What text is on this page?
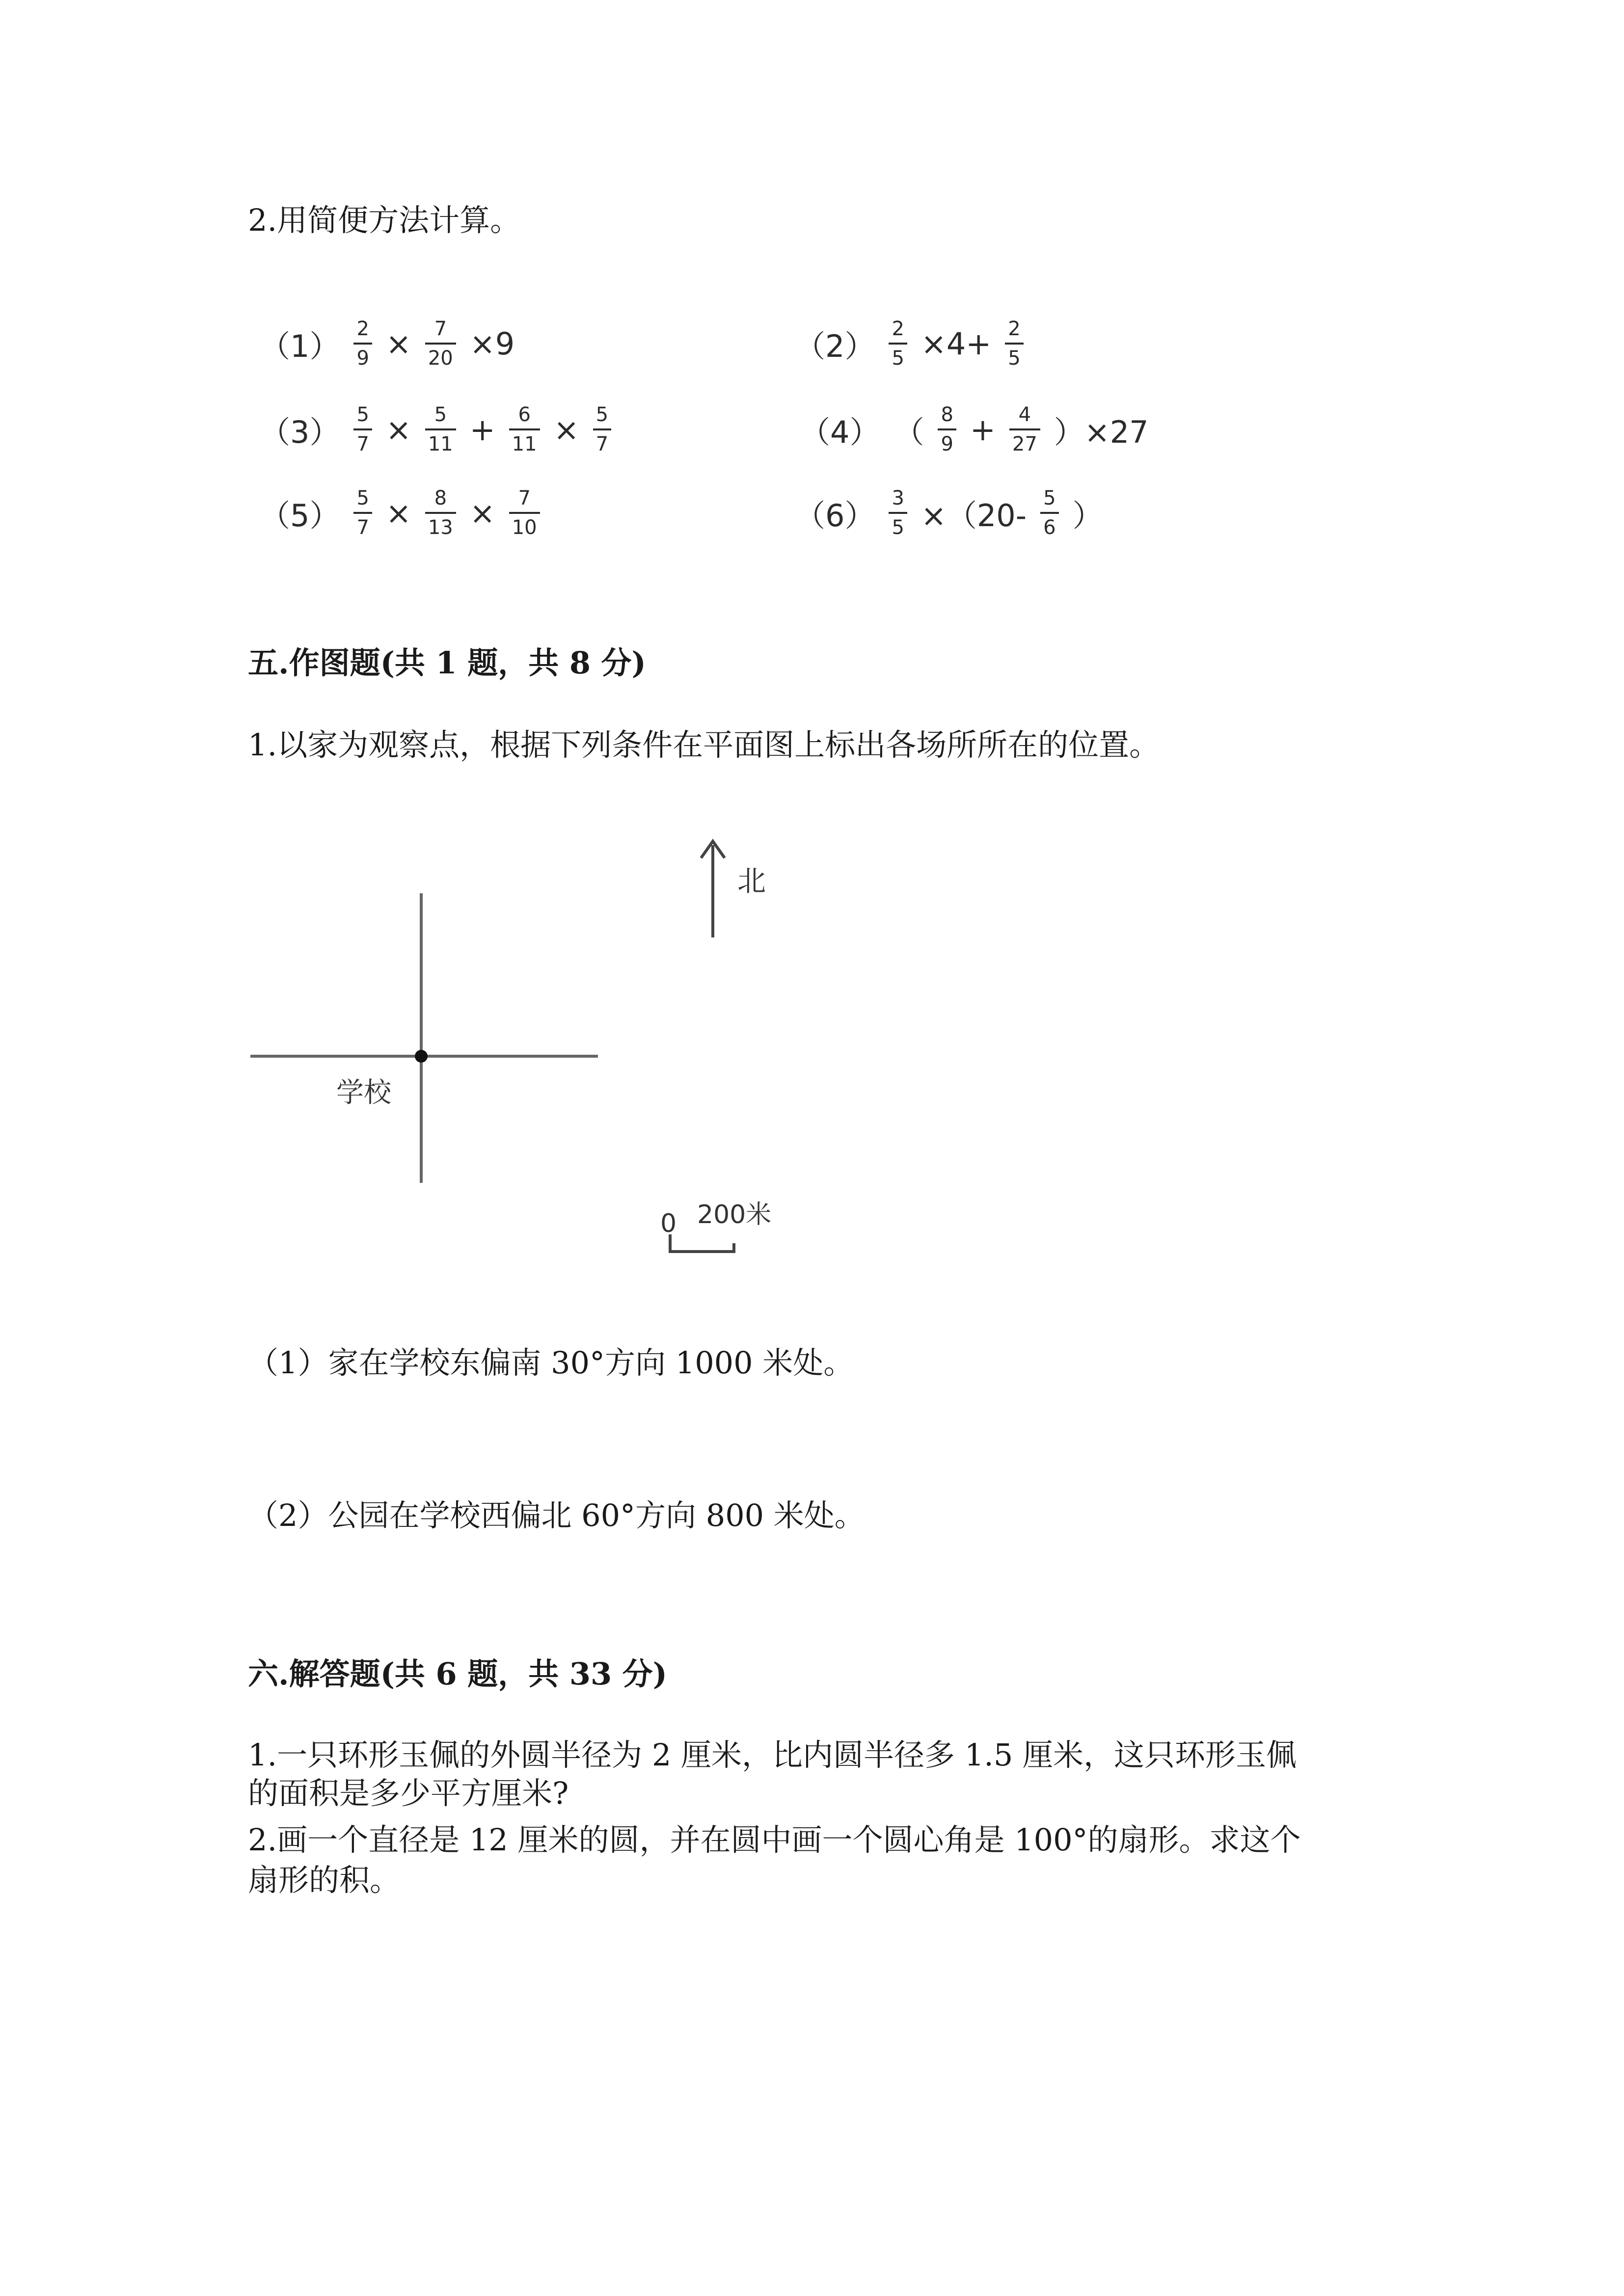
2.用简便方法计算。
$(1) \frac{2}{9} \times \frac{7}{20} \times 9$	$(2) \frac{2}{5} \times 4+ \frac{2}{5}$
$(3) \frac{5}{7} \times \frac{5}{11} + \frac{6}{11} \times \frac{5}{7}$	（4） （ $\frac{8}{9} + \frac{4}{27} )\times 27$
$(5) \frac{5}{7} \times \frac{8}{13} \times \frac{7}{10}$	$(6) \frac{3}{5} \times(20- \frac{5}{6}$ ）
五.作图题(共 1 题，共 8 分)
1.以家为观察点，根据下列条件在平面图上标出各场所所在的位置。
北
学校
0 200米
（1）家在学校东偏南 30°方向 1000 米处。
（2）公园在学校西偏北 60°方向 800 米处。
六.解答题(共 6 题，共 33 分)
1.一只环形玉佩的外圆半径为 2 厘米，比内圆半径多 1.5 厘米，这只环形玉佩
的面积是多少平方厘米?
2.画一个直径是 12 厘米的圆，并在圆中画一个圆心角是 100°的扇形。求这个
扇形的积。
